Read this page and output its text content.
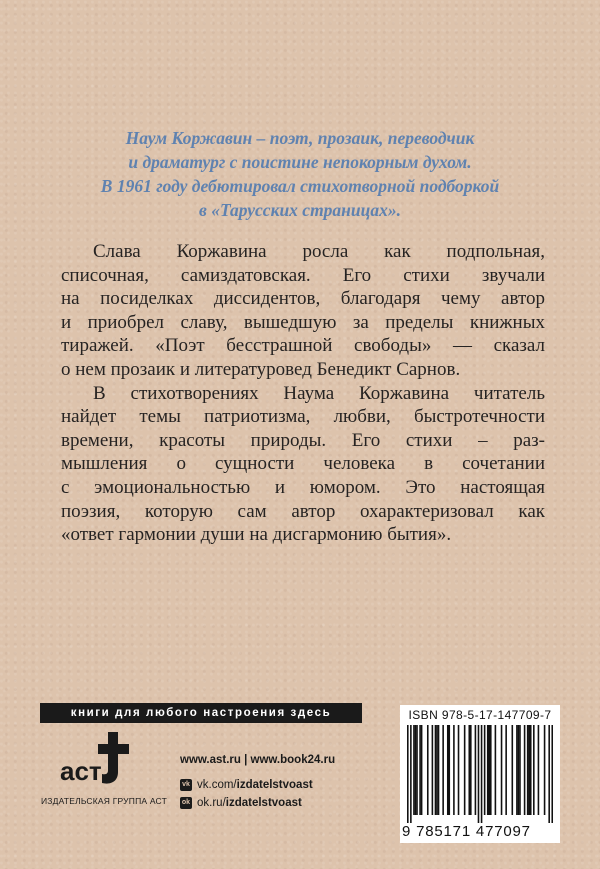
Наум Коржавин – поэт, прозаик, переводчик
и драматург с поистине непокорным духом.
В 1961 году дебютировал стихотворной подборкой
в «Тарусских страницах».

Слава Коржавина росла как подпольная,
списочная, самиздатовская. Его стихи звучали
на посиделках диссидентов, благодаря чему автор
и приобрел славу, вышедшую за пределы книжных
тиражей. «Поэт бесстрашной свободы» — сказал
о нем прозаик и литературовед Бенедикт Сарнов.

В стихотворениях Наума Коржавина читатель
найдет темы патриотизма, любви, быстротечности
времени, красоты природы. Его стихи – раз-
мышления о сущности человека в сочетании
с эмоциональностью и юмором. Это настоящая
поэзия, которую сам автор охарактеризовал как
«ответ гармонии души на дисгармонию бытия».

книги для любого настроения здесь
аст
ИЗДАТЕЛЬСКАЯ ГРУППА АСТ
www.ast.ru | www.book24.ru
vk vk.com/ izdatelstvoast
ok ok.ru/ izdatelstvoast
ISBN 978-5-17-147709-7
9 785171 477097
